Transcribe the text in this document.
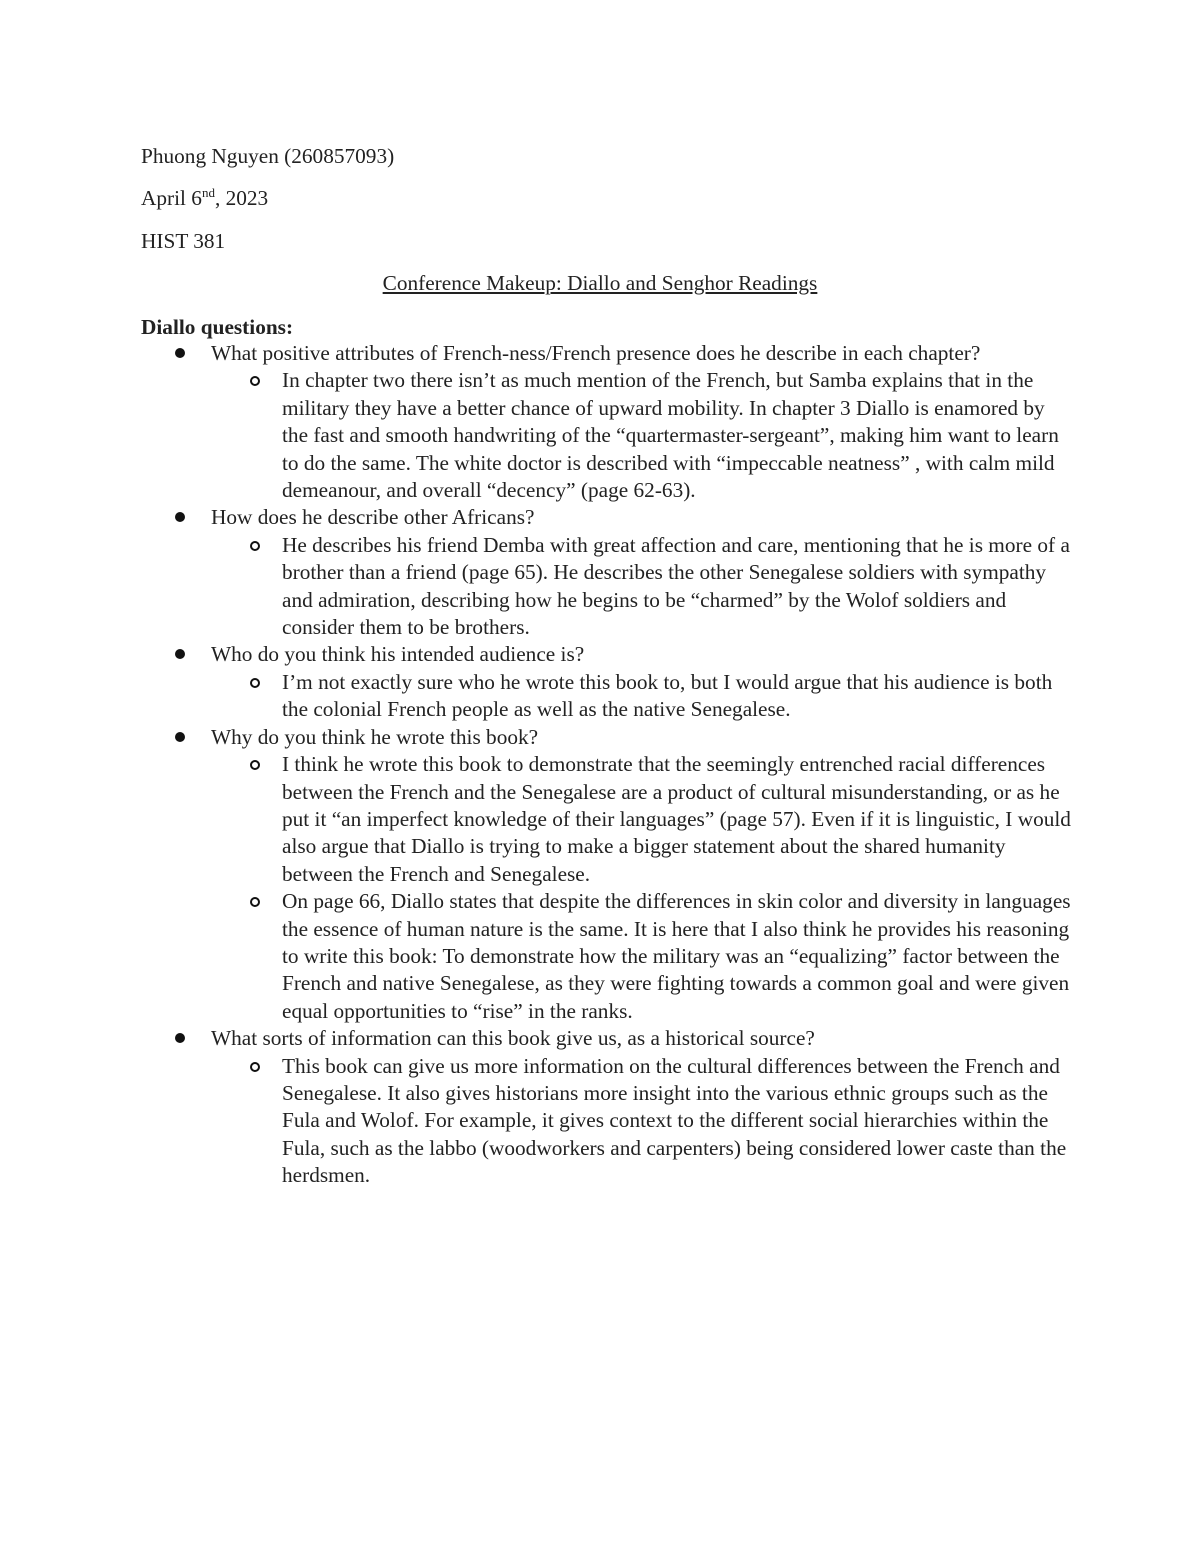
Phuong Nguyen (260857093)

April 6nd, 2023

HIST 381

Conference Makeup: Diallo and Senghor Readings
Diallo questions:
What positive attributes of French-ness/French presence does he describe in each chapter?
In chapter two there isn’t as much mention of the French, but Samba explains that in the military they have a better chance of upward mobility. In chapter 3 Diallo is enamored by the fast and smooth handwriting of the “quartermaster-sergeant”, making him want to learn to do the same. The white doctor is described with “impeccable neatness” , with calm mild demeanour, and overall “decency” (page 62-63).
How does he describe other Africans?
He describes his friend Demba with great affection and care, mentioning that he is more of a brother than a friend (page 65). He describes the other Senegalese soldiers with sympathy and admiration, describing how he begins to be “charmed” by the Wolof soldiers and consider them to be brothers.
Who do you think his intended audience is?
I’m not exactly sure who he wrote this book to, but I would argue that his audience is both the colonial French people as well as the native Senegalese.
Why do you think he wrote this book?
I think he wrote this book to demonstrate that the seemingly entrenched racial differences between the French and the Senegalese are a product of cultural misunderstanding, or as he put it “an imperfect knowledge of their languages” (page 57). Even if it is linguistic, I would also argue that Diallo is trying to make a bigger statement about the shared humanity between the French and Senegalese.
On page 66, Diallo states that despite the differences in skin color and diversity in languages the essence of human nature is the same. It is here that I also think he provides his reasoning to write this book: To demonstrate how the military was an “equalizing” factor between the French and native Senegalese, as they were fighting towards a common goal and were given equal opportunities to “rise” in the ranks.
What sorts of information can this book give us, as a historical source?
This book can give us more information on the cultural differences between the French and Senegalese. It also gives historians more insight into the various ethnic groups such as the Fula and Wolof. For example, it gives context to the different social hierarchies within the Fula, such as the labbo (woodworkers and carpenters) being considered lower caste than the herdsmen.
